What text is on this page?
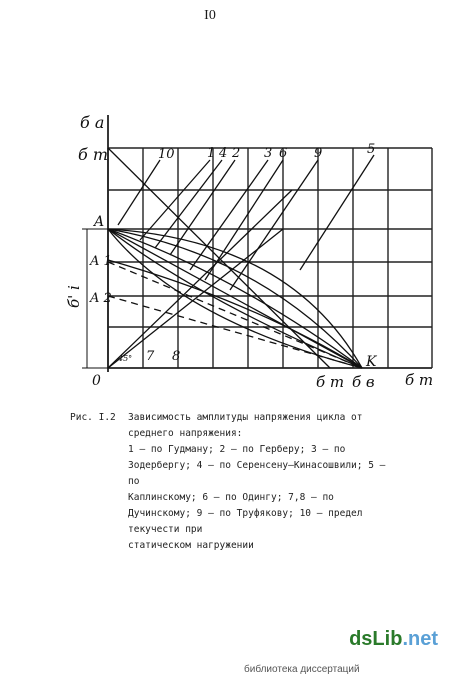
I0
б a
б т
б' i
0	б т б в б m
A
A 1
A 2
K
10 1 4 2 3 6 9	5
7 8
45°
Рис. I.2 Зависимость амплитуды напряжения цикла от среднего напряжения:
1 – по Гудману; 2 – по Герберу; 3 – по Зодербергу; 4 – по Серенсену–Кинасошвили; 5 – по
Каплинскому; 6 – по Одингу; 7,8 – по Дучинскому; 9 – по Труфякову; 10 – предел текучести при
статическом нагружении
dsLib.net
библиотека диссертаций
